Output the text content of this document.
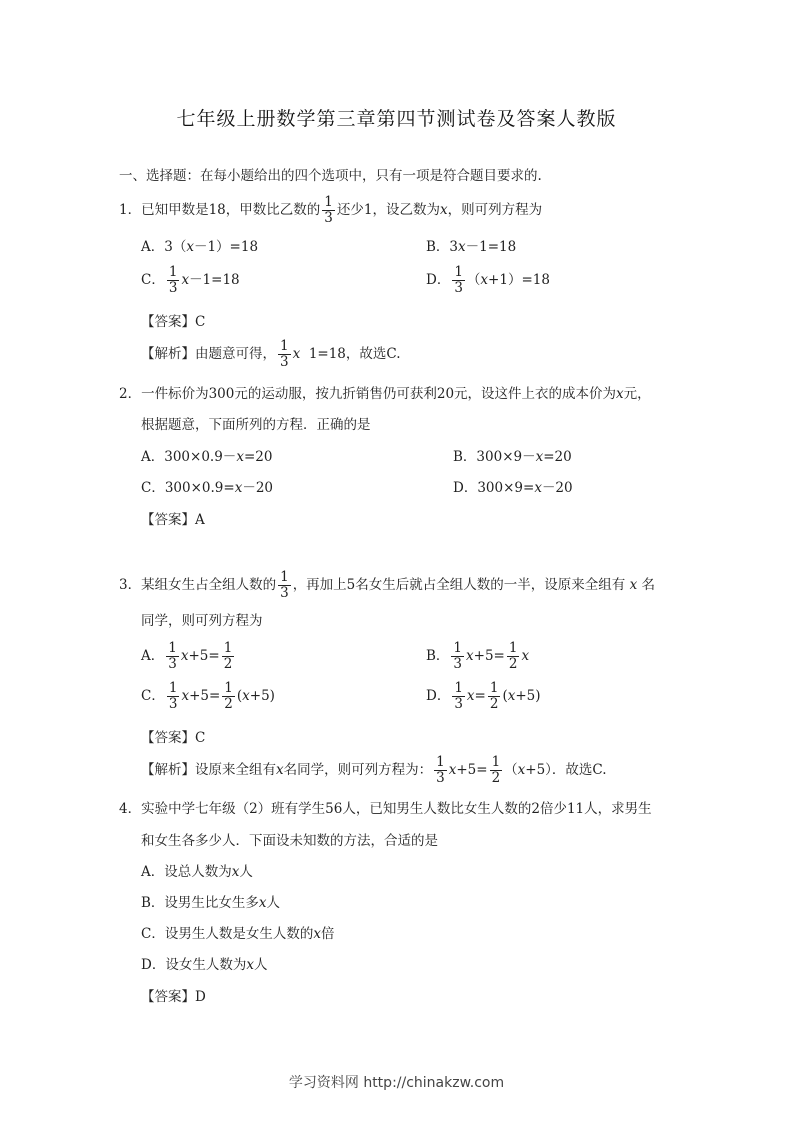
七年级上册数学第三章第四节测试卷及答案人教版
一、选择题：在每小题给出的四个选项中，只有一项是符合题目要求的.
1．已知甲数是18，甲数比乙数的 $\frac{1}{3}$ 还少1，设乙数为x，则可列方程为
A．3（x－1）=18	B．3x－1=18
C． $\frac{1}{3} x-1=18$	D． $\frac{1}{3} (x+1)=18$
【答案】C
【解析】由题意可得， $\frac{1}{3}$ x 1=18，故选C.
2．一件标价为300元的运动服，按九折销售仍可获利20元，设这件上衣的成本价为x元，
根据题意，下面所列的方程．正确的是
A．300×0.9－x=20	B．300×9－x=20
C．300×0.9=x－20	D．300×9=x－20
【答案】A
3．某组女生占全组人数的 $\frac{1}{3}$ ，再加上5名女生后就占全组人数的一半，设原来全组有 x 名
同学，则可列方程为
A． $\frac{1}{3} x+5= \frac{1}{2}$	B． $\frac{1}{3} x+5= \frac{1}{2}$ x
C． $\frac{1}{3} x+5= \frac{1}{2} (x+5)$	D． $\frac{1}{3} x= \frac{1}{2} (x+5)$
【答案】C
【解析】设原来全组有x名同学，则可列方程为： $\frac{1}{3} x+5= \frac{1}{2} (x+5)$．故选C.
4．实验中学七年级（2）班有学生56人，已知男生人数比女生人数的2倍少11人，求男生
和女生各多少人．下面设未知数的方法，合适的是
A．设总人数为x人
B．设男生比女生多x人
C．设男生人数是女生人数的x倍
D．设女生人数为x人
【答案】D
学习资料网 http://chinakzw.com
